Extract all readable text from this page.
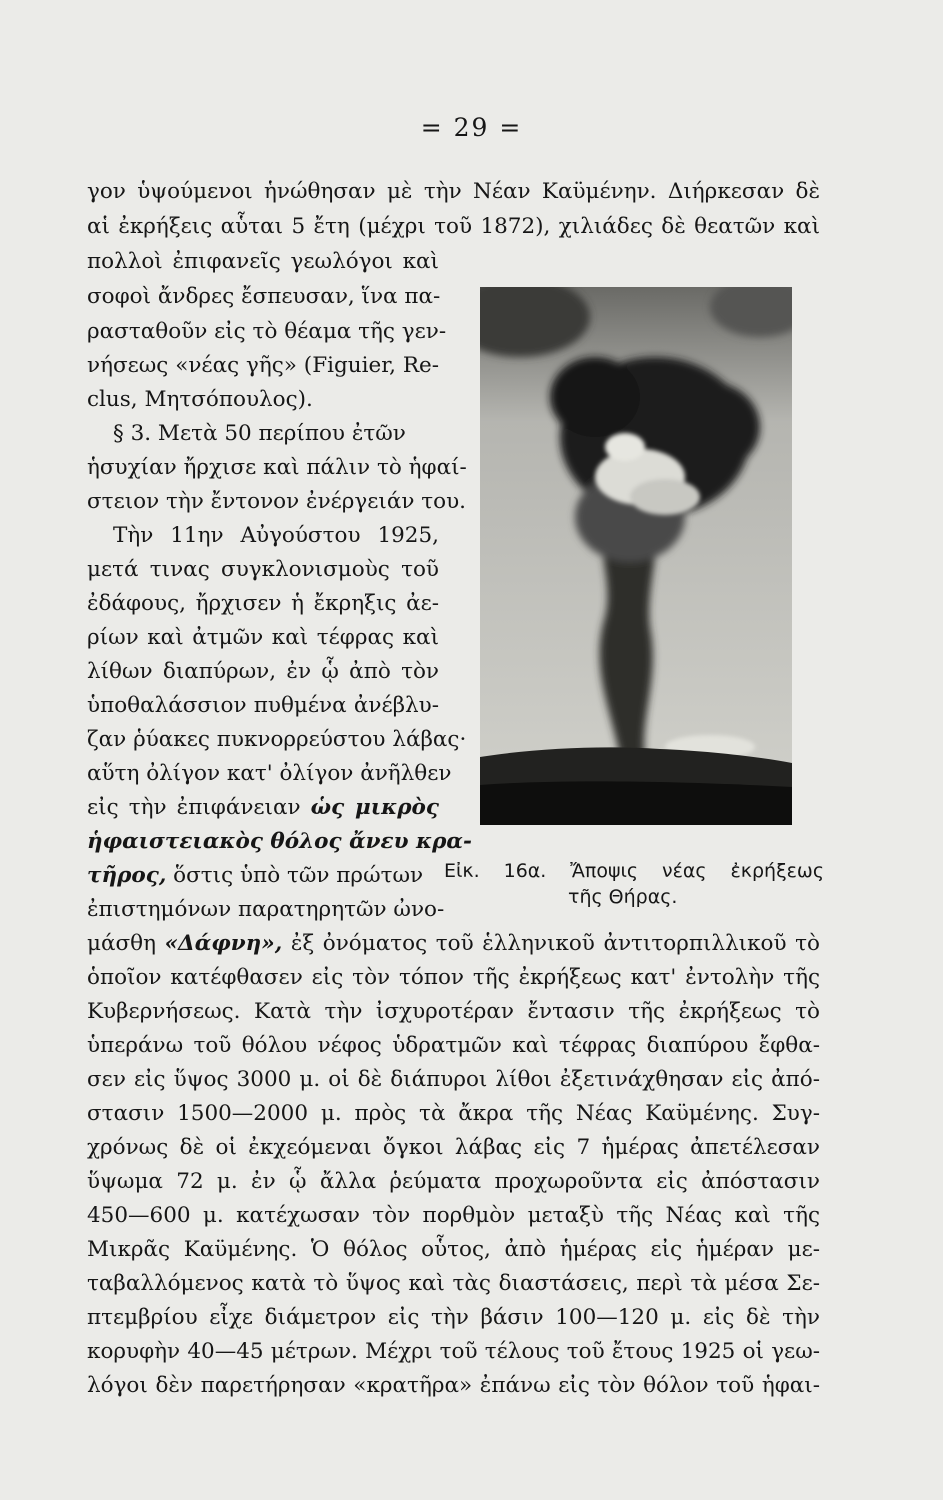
= 29 =
γον ὑψούμενοι ἡνώθησαν μὲ τὴν Νέαν Καϋμένην. Διήρκεσαν δὲ
αἱ ἐκρήξεις αὗται 5 ἔτη (μέχρι τοῦ 1872), χιλιάδες δὲ θεατῶν καὶ
πολλοὶ ἐπιφανεῖς γεωλόγοι καὶ
σοφοὶ ἄνδρες ἔσπευσαν, ἵνα πα-
ρασταθοῦν εἰς τὸ θέαμα τῆς γεν-
νήσεως «νέας γῆς» (Figuier, Re-
clus, Μητσόπουλος).
§ 3. Μετὰ 50 περίπου ἐτῶν
ἡσυχίαν ἤρχισε καὶ πάλιν τὸ ἡφαί-
στειον τὴν ἔντονον ἐνέργειάν του.
Τὴν 11ην Αὐγούστου 1925,
μετά τινας συγκλονισμοὺς τοῦ
ἐδάφους, ἤρχισεν ἡ ἔκρηξις ἀε-
ρίων καὶ ἀτμῶν καὶ τέφρας καὶ
λίθων διαπύρων, ἐν ᾧ ἀπὸ τὸν
ὑποθαλάσσιον πυθμένα ἀνέβλυ-
ζαν ῥύακες πυκνορρεύστου λάβας·
αὕτη ὀλίγον κατ' ὀλίγον ἀνῆλθεν
εἰς τὴν ἐπιφάνειαν ὡς μικρὸς
ἡφαιστειακὸς θόλος ἄνευ κρα-
τῆρος, ὅστις ὑπὸ τῶν πρώτων
ἐπιστημόνων παρατηρητῶν ὠνο-
μάσθη «Δάφνη», ἐξ ὀνόματος τοῦ ἑλληνικοῦ ἀντιτορπιλλικοῦ τὸ
ὁποῖον κατέφθασεν εἰς τὸν τόπον τῆς ἐκρήξεως κατ' ἐντολὴν τῆς
Κυβερνήσεως. Κατὰ τὴν ἰσχυροτέραν ἔντασιν τῆς ἐκρήξεως τὸ
ὑπεράνω τοῦ θόλου νέφος ὑδρατμῶν καὶ τέφρας διαπύρου ἔφθα-
σεν εἰς ὕψος 3000 μ. οἱ δὲ διάπυροι λίθοι ἐξετινάχθησαν εἰς ἀπό-
στασιν 1500—2000 μ. πρὸς τὰ ἄκρα τῆς Νέας Καϋμένης. Συγ-
χρόνως δὲ οἱ ἐκχεόμεναι ὄγκοι λάβας εἰς 7 ἡμέρας ἀπετέλεσαν
ὕψωμα 72 μ. ἐν ᾧ ἄλλα ῥεύματα προχωροῦντα εἰς ἀπόστασιν
450—600 μ. κατέχωσαν τὸν πορθμὸν μεταξὺ τῆς Νέας καὶ τῆς
Μικρᾶς Καϋμένης. Ὁ θόλος οὗτος, ἀπὸ ἡμέρας εἰς ἡμέραν με-
ταβαλλόμενος κατὰ τὸ ὕψος καὶ τὰς διαστάσεις, περὶ τὰ μέσα Σε-
πτεμβρίου εἶχε διάμετρον εἰς τὴν βάσιν 100—120 μ. εἰς δὲ τὴν
κορυφὴν 40—45 μέτρων. Μέχρι τοῦ τέλους τοῦ ἔτους 1925 οἱ γεω-
λόγοι δὲν παρετήρησαν «κρατῆρα» ἐπάνω εἰς τὸν θόλον τοῦ ἡφαι-
Εἰκ. 16α. Ἄποψις νέας ἐκρήξεως
τῆς Θήρας.
